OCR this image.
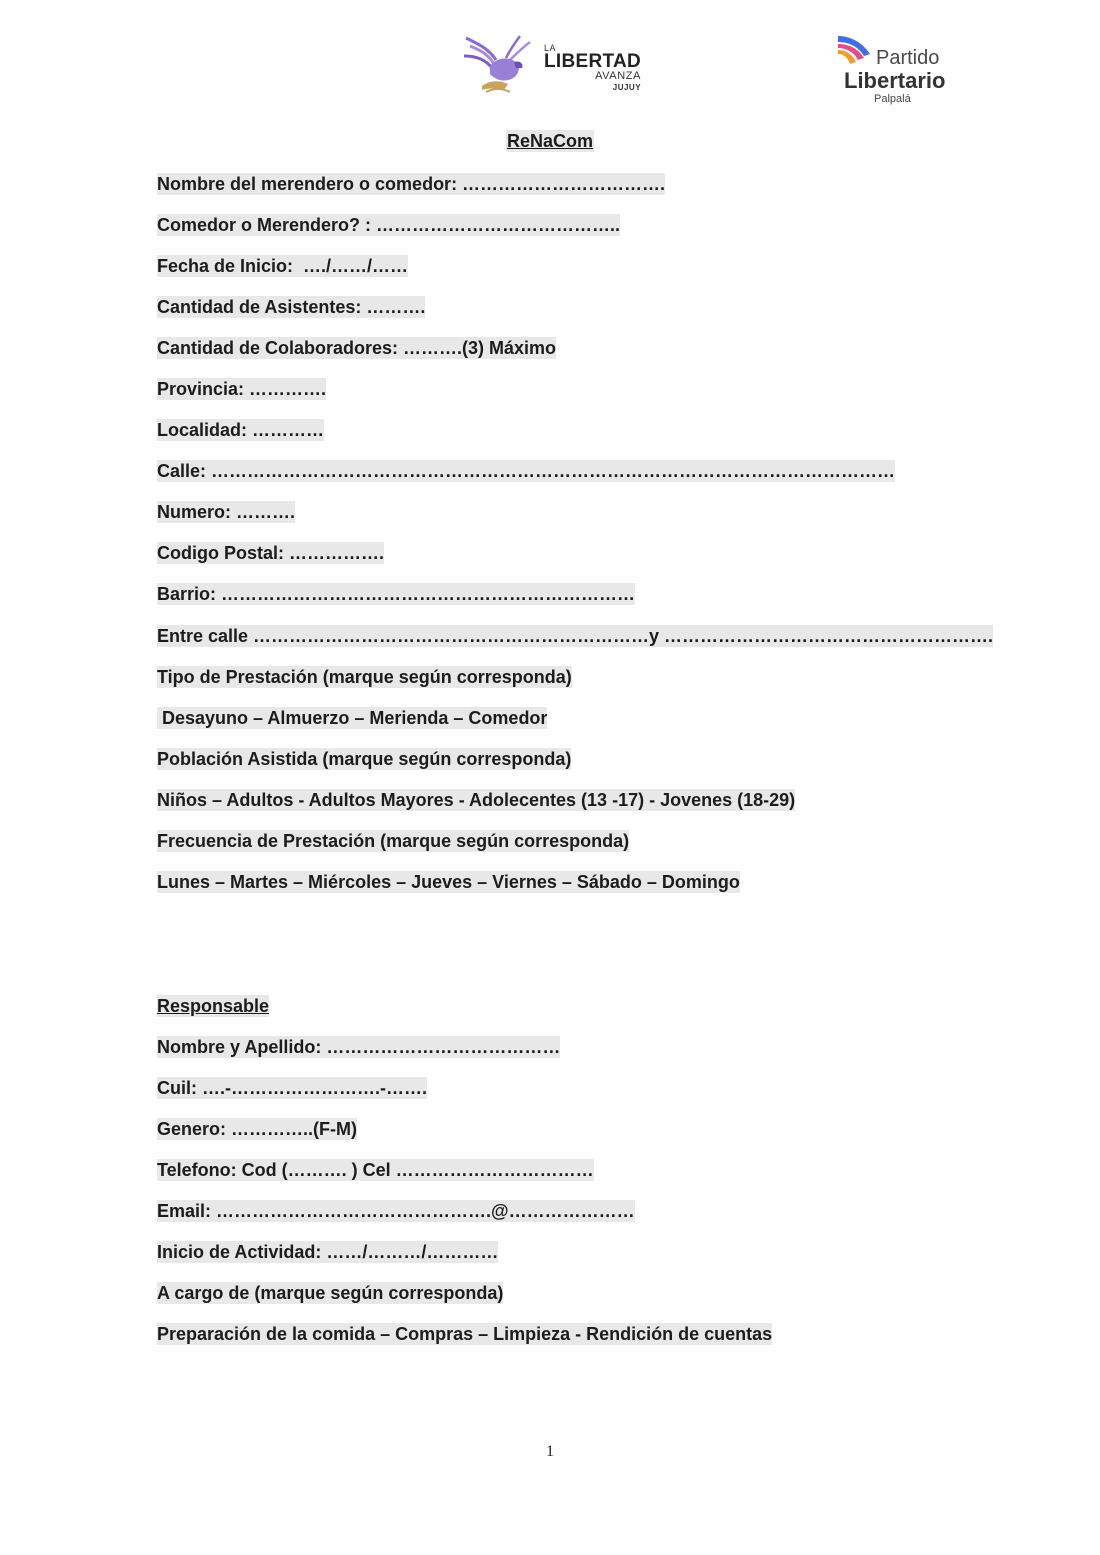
LA
LIBERTAD
AVANZA
JUJUY
Partido
Libertario
Palpalá
ReNaCom
Nombre del merendero o comedor: …………………………….
Comedor o Merendero? : …………………………………..
Fecha de Inicio:  …./……/……
Cantidad de Asistentes: ……….
Cantidad de Colaboradores: ……….(3) Máximo
Provincia: ………….
Localidad: …………
Calle: ……………………………………………………………………………………………………
Numero: ……….
Codigo Postal: …………….
Barrio: ……………………………………………………………
Entre calle …………………………………………………………y ……………………………………………….
Tipo de Prestación (marque según corresponda)
Desayuno – Almuerzo – Merienda – Comedor
Población Asistida (marque según corresponda)
Niños – Adultos - Adultos Mayores - Adolecentes (13 -17) - Jovenes (18-29)
Frecuencia de Prestación (marque según corresponda)
Lunes – Martes – Miércoles – Jueves – Viernes – Sábado – Domingo
Responsable
Nombre y Apellido: …………………………………
Cuil: ….-…………………….-…….
Genero: …………..(F-M)
Telefono: Cod (………. ) Cel ……………………………
Email: ……………………………………….@…………………
Inicio de Actividad: ……/………/…………
A cargo de (marque según corresponda)
Preparación de la comida – Compras – Limpieza - Rendición de cuentas
1
